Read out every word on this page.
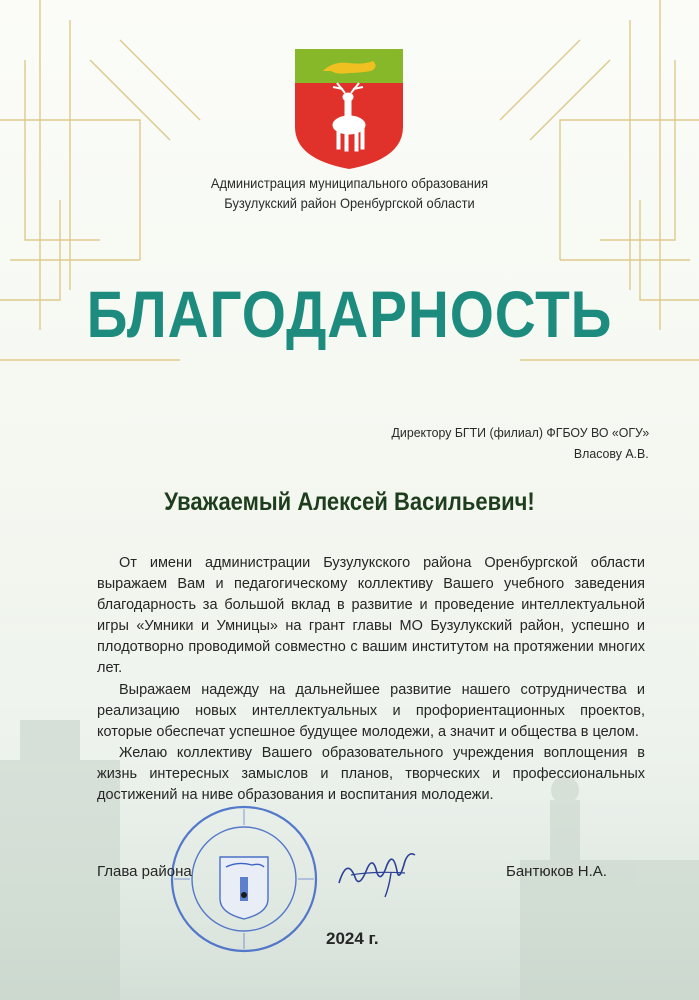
Администрация муниципального образования
Бузулукский район Оренбургской области
БЛАГОДАРНОСТЬ
Директору БГТИ (филиал) ФГБОУ ВО «ОГУ»
Власову А.В.
Уважаемый Алексей Васильевич!
От имени администрации Бузулукского района Оренбургской области выражаем Вам и педагогическому коллективу Вашего учебного заведения благодарность за большой вклад в развитие и проведение интеллектуальной игры «Умники и Умницы» на грант главы МО Бузулукский район, успешно и плодотворно проводимой совместно с вашим институтом на протяжении многих лет.
Выражаем надежду на дальнейшее развитие нашего сотрудничества и реализацию новых интеллектуальных и профориентационных проектов, которые обеспечат успешное будущее молодежи, а значит и общества в целом.
Желаю коллективу Вашего образовательного учреждения воплощения в жизнь интересных замыслов и планов, творческих и профессиональных достижений на ниве образования и воспитания молодежи.
Глава района	Бантюков Н.А.
2024 г.
